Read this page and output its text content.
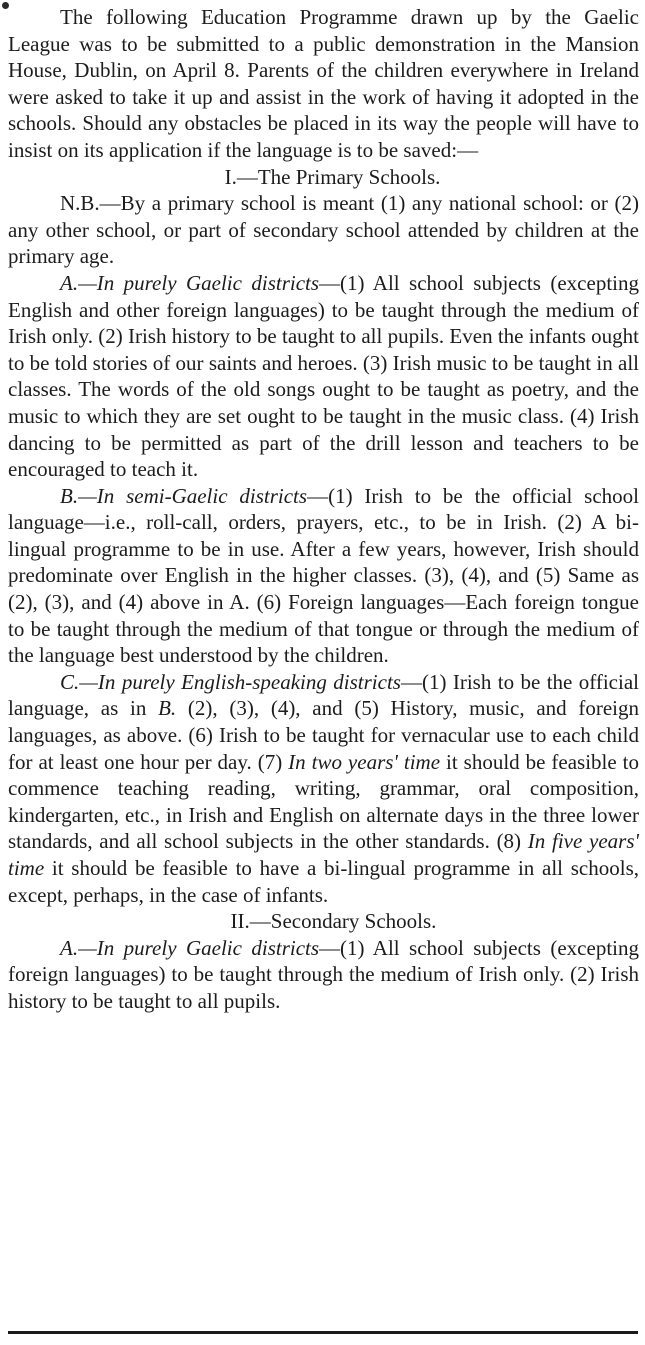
The following Education Programme drawn up by the Gaelic League was to be submitted to a public demonstration in the Mansion House, Dublin, on April 8. Parents of the children everywhere in Ireland were asked to take it up and assist in the work of having it adopted in the schools. Should any obstacles be placed in its way the people will have to insist on its application if the language is to be saved:—

I.—The Primary Schools.

N.B.—By a primary school is meant (1) any national school: or (2) any other school, or part of secondary school attended by children at the primary age.

A.—In purely Gaelic districts—(1) All school subjects (excepting English and other foreign languages) to be taught through the medium of Irish only. (2) Irish history to be taught to all pupils. Even the infants ought to be told stories of our saints and heroes. (3) Irish music to be taught in all classes. The words of the old songs ought to be taught as poetry, and the music to which they are set ought to be taught in the music class. (4) Irish dancing to be permitted as part of the drill lesson and teachers to be encouraged to teach it.

B.—In semi-Gaelic districts—(1) Irish to be the official school language—i.e., roll-call, orders, prayers, etc., to be in Irish. (2) A bi-lingual programme to be in use. After a few years, however, Irish should predominate over English in the higher classes. (3), (4), and (5) Same as (2), (3), and (4) above in A. (6) Foreign languages—Each foreign tongue to be taught through the medium of that tongue or through the medium of the language best understood by the children.

C.—In purely English-speaking districts—(1) Irish to be the official language, as in B. (2), (3), (4), and (5) History, music, and foreign languages, as above. (6) Irish to be taught for vernacular use to each child for at least one hour per day. (7) In two years' time it should be feasible to commence teaching reading, writing, grammar, oral composition, kindergarten, etc., in Irish and English on alternate days in the three lower standards, and all school subjects in the other standards. (8) In five years' time it should be feasible to have a bi-lingual programme in all schools, except, perhaps, in the case of infants.

II.—Secondary Schools.

A.—In purely Gaelic districts—(1) All school subjects (excepting foreign languages) to be taught through the medium of Irish only. (2) Irish history to be taught to all pupils.
